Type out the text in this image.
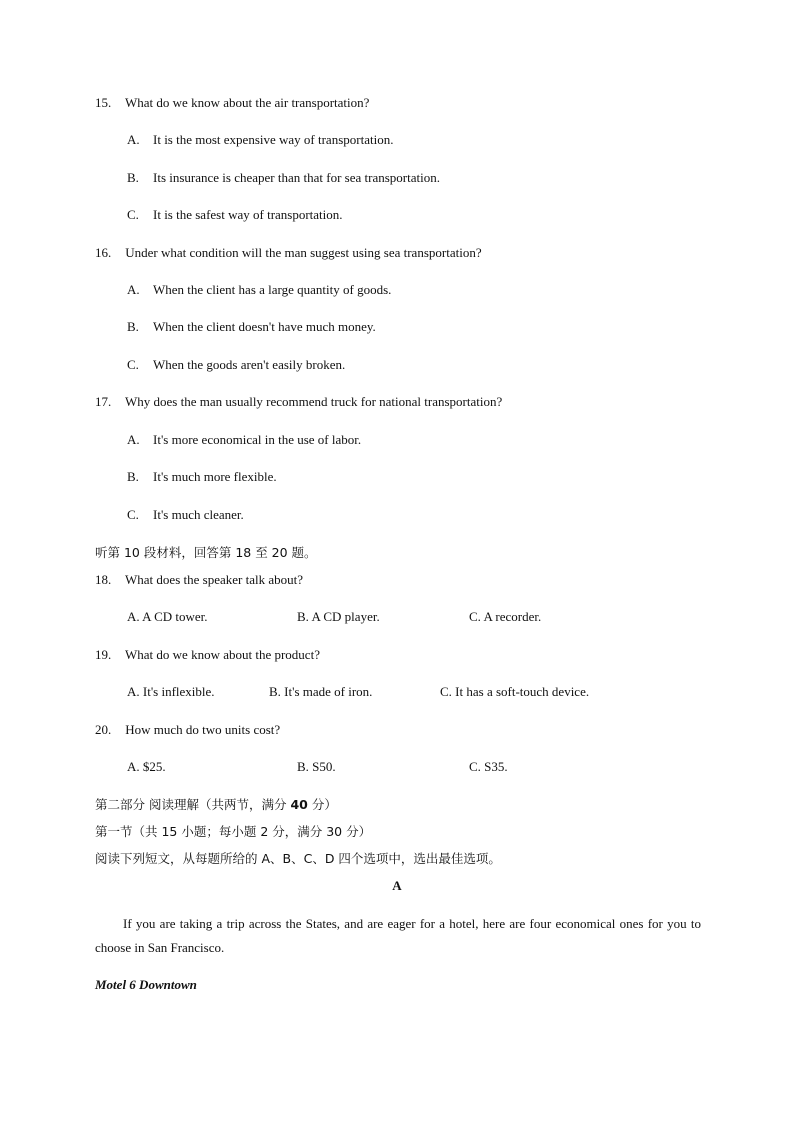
15. What do we know about the air transportation?
A. It is the most expensive way of transportation.
B. Its insurance is cheaper than that for sea transportation.
C. It is the safest way of transportation.
16. Under what condition will the man suggest using sea transportation?
A. When the client has a large quantity of goods.
B. When the client doesn't have much money.
C. When the goods aren't easily broken.
17. Why does the man usually recommend truck for national transportation?
A. It's more economical in the use of labor.
B. It's much more flexible.
C. It's much cleaner.
听第 10 段材料，回答第 18 至 20 题。
18. What does the speaker talk about?
A. A CD tower.	B. A CD player.	C. A recorder.
19. What do we know about the product?
A. It's inflexible.	B. It's made of iron.	C. It has a soft-touch device.
20. How much do two units cost?
A. $25.	B. S50.	C. S35.
第二部分 阅读理解（共两节，满分 40 分）
第一节（共 15 小题；每小题 2 分，满分 30 分）
阅读下列短文，从每题所给的 A、B、C、D 四个选项中，选出最佳选项。
A
If you are taking a trip across the States, and are eager for a hotel, here are four economical ones for you to choose in San Francisco.
Motel 6 Downtown
